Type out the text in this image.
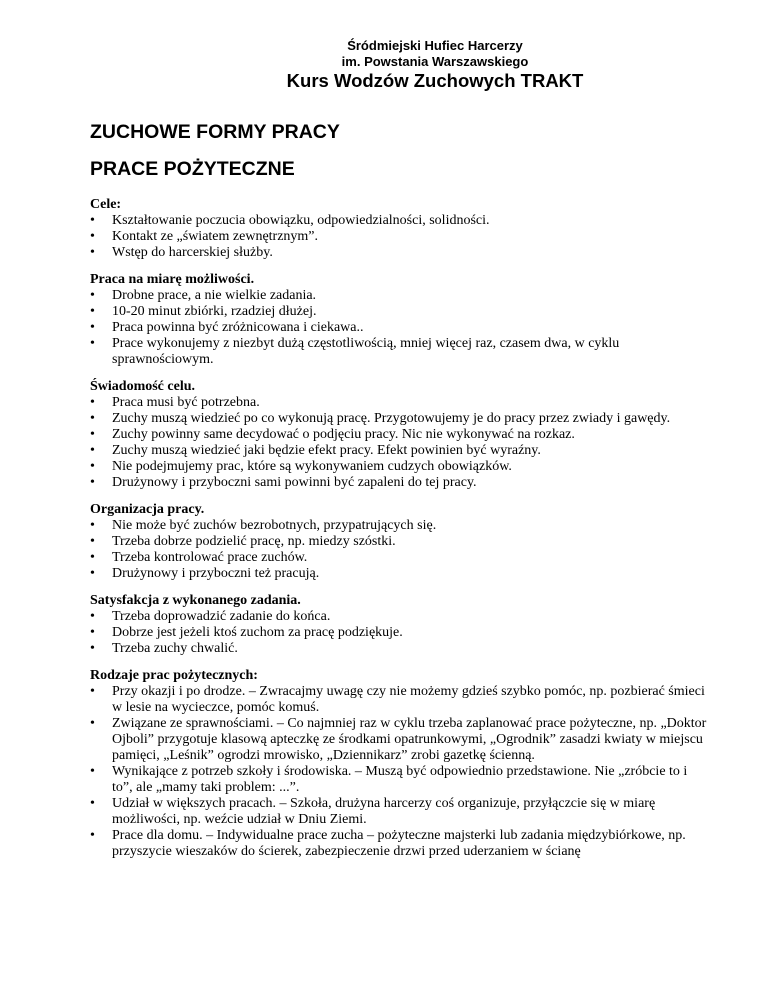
Śródmiejski Hufiec Harcerzy
im. Powstania Warszawskiego
Kurs Wodzów Zuchowych TRAKT
ZUCHOWE FORMY PRACY
PRACE POŻYTECZNE
Cele:
• Kształtowanie poczucia obowiązku, odpowiedzialności, solidności.
• Kontakt ze „światem zewnętrznym”.
• Wstęp do harcerskiej służby.
Praca na miarę możliwości.
• Drobne prace, a nie wielkie zadania.
• 10-20 minut zbiórki, rzadziej dłużej.
• Praca powinna być zróżnicowana i ciekawa..
• Prace wykonujemy z niezbyt dużą częstotliwością, mniej więcej raz, czasem dwa, w cyklu sprawnościowym.
Świadomość celu.
• Praca musi być potrzebna.
• Zuchy muszą wiedzieć po co wykonują pracę. Przygotowujemy je do pracy przez zwiady i gawędy.
• Zuchy powinny same decydować o podjęciu pracy. Nic nie wykonywać na rozkaz.
• Zuchy muszą wiedzieć jaki będzie efekt pracy. Efekt powinien być wyraźny.
• Nie podejmujemy prac, które są wykonywaniem cudzych obowiązków.
• Drużynowy i przyboczni sami powinni być zapaleni do tej pracy.
Organizacja pracy.
• Nie może być zuchów bezrobotnych, przypatrujących się.
• Trzeba dobrze podzielić pracę, np. miedzy szóstki.
• Trzeba kontrolować prace zuchów.
• Drużynowy i przyboczni też pracują.
Satysfakcja z wykonanego zadania.
• Trzeba doprowadzić zadanie do końca.
• Dobrze jest jeżeli ktoś zuchom za pracę podziękuje.
• Trzeba zuchy chwalić.
Rodzaje prac pożytecznych:
• Przy okazji i po drodze. – Zwracajmy uwagę czy nie możemy gdzieś szybko pomóc, np. pozbierać śmieci w lesie na wycieczce, pomóc komuś.
• Związane ze sprawnościami. – Co najmniej raz w cyklu trzeba zaplanować prace pożyteczne, np. „Doktor Ojboli” przygotuje klasową apteczkę ze środkami opatrunkowymi, „Ogrodnik” zasadzi kwiaty w miejscu pamięci, „Leśnik” ogrodzi mrowisko, „Dziennikarz” zrobi gazetkę ścienną.
• Wynikające z potrzeb szkoły i środowiska. – Muszą być odpowiednio przedstawione. Nie „zróbcie to i to”, ale „mamy taki problem: ...”.
• Udział w większych pracach. – Szkoła, drużyna harcerzy coś organizuje, przyłączcie się w miarę możliwości, np. weźcie udział w Dniu Ziemi.
• Prace dla domu. – Indywidualne prace zucha – pożyteczne majsterki lub zadania międzybiórkowe, np. przyszycie wieszaków do ścierek, zabezpieczenie drzwi przed uderzaniem w ścianę
